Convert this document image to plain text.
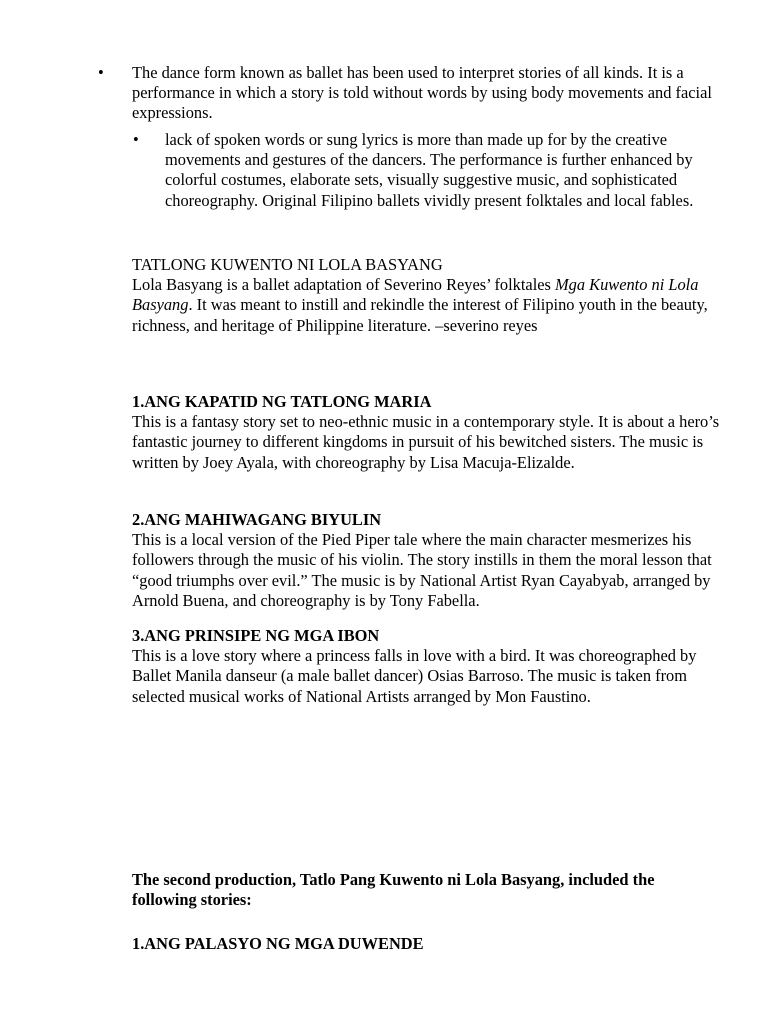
•	The dance form known as ballet has been used to interpret stories of all kinds. It is a performance in which a story is told without words by using body movements and facial expressions.
•	lack of spoken words or sung lyrics is more than made up for by the creative movements and gestures of the dancers. The performance is further enhanced by colorful costumes, elaborate sets, visually suggestive music, and sophisticated choreography. Original Filipino ballets vividly present folktales and local fables.

TATLONG KUWENTO NI LOLA BASYANG

Lola Basyang is a ballet adaptation of Severino Reyes’ folktales Mga Kuwento ni Lola Basyang. It was meant to instill and rekindle the interest of Filipino youth in the beauty, richness, and heritage of Philippine literature. –severino reyes

1.ANG KAPATID NG TATLONG MARIA

This is a fantasy story set to neo-ethnic music in a contemporary style. It is about a hero’s fantastic journey to different kingdoms in pursuit of his bewitched sisters. The music is written by Joey Ayala, with choreography by Lisa Macuja-Elizalde.

2.ANG MAHIWAGANG BIYULIN

This is a local version of the Pied Piper tale where the main character mesmerizes his followers through the music of his violin. The story instills in them the moral lesson that “good triumphs over evil.” The music is by National Artist Ryan Cayabyab, arranged by Arnold Buena, and choreography is by Tony Fabella.

3.ANG PRINSIPE NG MGA IBON

This is a love story where a princess falls in love with a bird. It was choreographed by Ballet Manila danseur (a male ballet dancer) Osias Barroso. The music is taken from selected musical works of National Artists arranged by Mon Faustino.

The second production, Tatlo Pang Kuwento ni Lola Basyang, included the following stories:

1.ANG PALASYO NG MGA DUWENDE
